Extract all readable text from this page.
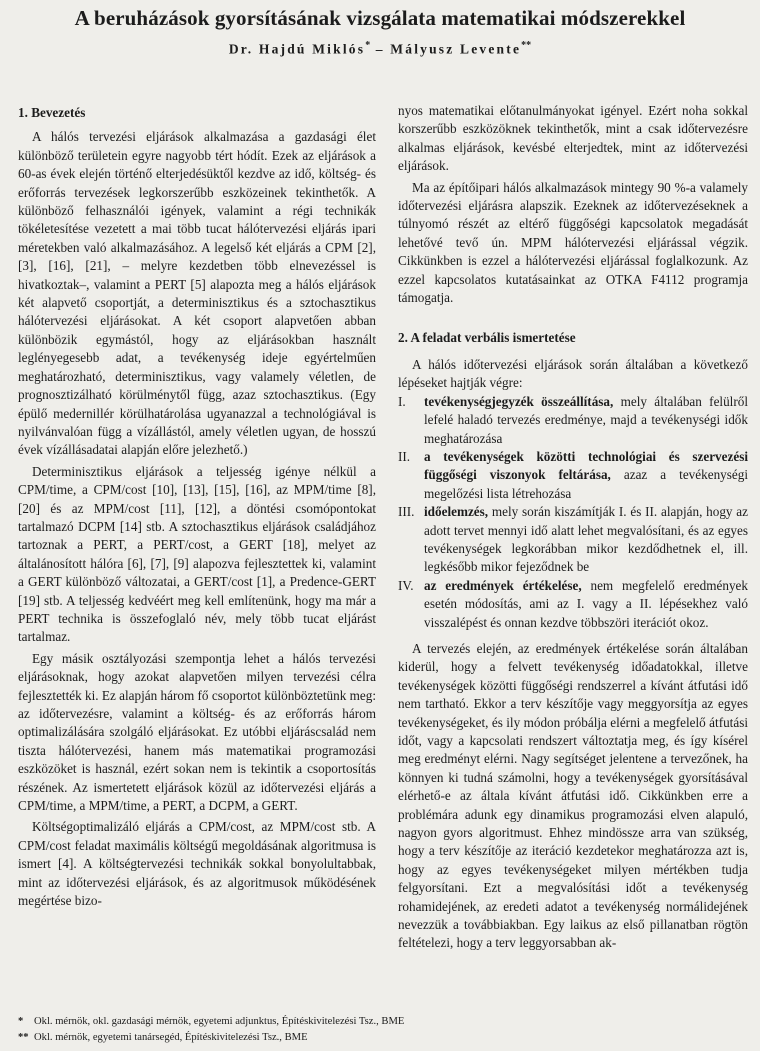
A beruházások gyorsításának vizsgálata matematikai módszerekkel
Dr. Hajdú Miklós* – Mályusz Levente**
1. Bevezetés

A hálós tervezési eljárások alkalmazása a gazdasági élet különböző területein egyre nagyobb tért hódít. Ezek az eljárások a 60-as évek elején történő elterjedésüktől kezdve az idő, költség- és erőforrás tervezések legkorszerűbb eszközeinek tekinthetők. A különböző felhasználói igények, valamint a régi technikák tökéletesítése vezetett a mai több tucat hálótervezési eljárás ipari méretekben való alkalmazásához. A legelső két eljárás a CPM [2], [3], [16], [21], – melyre kezdetben több elnevezéssel is hivatkoztak–, valamint a PERT [5] alapozta meg a hálós eljárások két alapvető csoportját, a determinisztikus és a sztochasztikus hálótervezési eljárásokat. A két csoport alapvetően abban különbözik egymástól, hogy az eljárásokban használt leglényegesebb adat, a tevékenység ideje egyértelműen meghatározható, determinisztikus, vagy valamely véletlen, de prognosztizálható körülménytől függ, azaz sztochasztikus. (Egy épülő medernillér körülhatárolása ugyanazzal a technológiával is nyilvánvalóan függ a vízállástól, amely véletlen ugyan, de hosszú évek vízállásadatai alapján előre jelezhető.)

Determinisztikus eljárások a teljesség igénye nélkül a CPM/time, a CPM/cost [10], [13], [15], [16], az MPM/time [8], [20] és az MPM/cost [11], [12], a döntési csomópontokat tartalmazó DCPM [14] stb. A sztochasztikus eljárások családjához tartoznak a PERT, a PERT/cost, a GERT [18], melyet az általánosított hálóra [6], [7], [9] alapozva fejlesztettek ki, valamint a GERT különböző változatai, a GERT/cost [1], a Predence-GERT [19] stb. A teljesség kedvéért meg kell említenünk, hogy ma már a PERT technika is összefoglaló név, mely több tucat eljárást tartalmaz.

Egy másik osztályozási szempontja lehet a hálós tervezési eljárásoknak, hogy azokat alapvetően milyen tervezési célra fejlesztették ki. Ez alapján három fő csoportot különböztetünk meg: az időtervezésre, valamint a költség- és az erőforrás három optimalizálására szolgáló eljárásokat. Ez utóbbi eljáráscsalád nem tiszta hálótervezési, hanem más matematikai programozási eszközöket is használ, ezért sokan nem is tekintik a csoportosítás részének. Az ismertetett eljárások közül az időtervezési eljárás a CPM/time, a MPM/time, a PERT, a DCPM, a GERT.

Költségoptimalizáló eljárás a CPM/cost, az MPM/cost stb. A CPM/cost feladat maximális költségű megoldásának algoritmusa is ismert [4]. A költségtervezési technikák sokkal bonyolultabbak, mint az időtervezési eljárások, és az algoritmusok működésének megértése bizo-

nyos matematikai előtanulmányokat igényel. Ezért noha sokkal korszerűbb eszközöknek tekinthetők, mint a csak időtervezésre alkalmas eljárások, kevésbé elterjedtek, mint az időtervezési eljárások.

Ma az építőipari hálós alkalmazások mintegy 90 %-a valamely időtervezési eljárásra alapszik. Ezeknek az időtervezéseknek a túlnyomó részét az eltérő függőségi kapcsolatok megadását lehetővé tevő ún. MPM hálótervezési eljárással végzik. Cikkünkben is ezzel a hálótervezési eljárással foglalkozunk. Az ezzel kapcsolatos kutatásainkat az OTKA F4112 programja támogatja.

2. A feladat verbális ismertetése

A hálós időtervezési eljárások során általában a következő lépéseket hajtják végre:

I.	tevékenységjegyzék összeállítása, mely általában felülről lefelé haladó tervezés eredménye, majd a tevékenységi idők meghatározása
II.	a tevékenységek közötti technológiai és szervezési függőségi viszonyok feltárása, azaz a tevékenységi megelőzési lista létrehozása
III. időelemzés, mely során kiszámítják I. és II. alapján, hogy az adott tervet mennyi idő alatt lehet megvalósítani, és az egyes tevékenységek legkorábban mikor kezdődhetnek el, ill. legkésőbb mikor fejeződnek be
IV. az eredmények értékelése, nem megfelelő eredmények esetén módosítás, ami az I. vagy a II. lépésekhez való visszalépést és onnan kezdve többszöri iterációt okoz.

A tervezés elején, az eredmények értékelése során általában kiderül, hogy a felvett tevékenység időadatokkal, illetve tevékenységek közötti függőségi rendszerrel a kívánt átfutási idő nem tartható. Ekkor a terv készítője vagy meggyorsítja az egyes tevékenységeket, és ily módon próbálja elérni a megfelelő átfutási időt, vagy a kapcsolati rendszert változtatja meg, és így kísérel meg eredményt elérni. Nagy segítséget jelentene a tervezőnek, ha könnyen ki tudná számolni, hogy a tevékenységek gyorsításával elérhető-e az általa kívánt átfutási idő. Cikkünkben erre a problémára adunk egy dinamikus programozási elven alapuló, nagyon gyors algoritmust. Ehhez mindössze arra van szükség, hogy a terv készítője az iteráció kezdetekor meghatározza azt is, hogy az egyes tevékenységeket milyen mértékben tudja felgyorsítani. Ezt a megvalósítási időt a tevékenység rohamidejének, az eredeti adatot a tevékenység normálidejének nevezzük a továbbiakban. Egy laikus az első pillanatban rögtön feltételezi, hogy a terv leggyorsabban ak-

* Okl. mérnök, okl. gazdasági mérnök, egyetemi adjunktus, Építéskivitelezési Tsz., BME
** Okl. mérnök, egyetemi tanársegéd, Építéskivitelezési Tsz., BME
